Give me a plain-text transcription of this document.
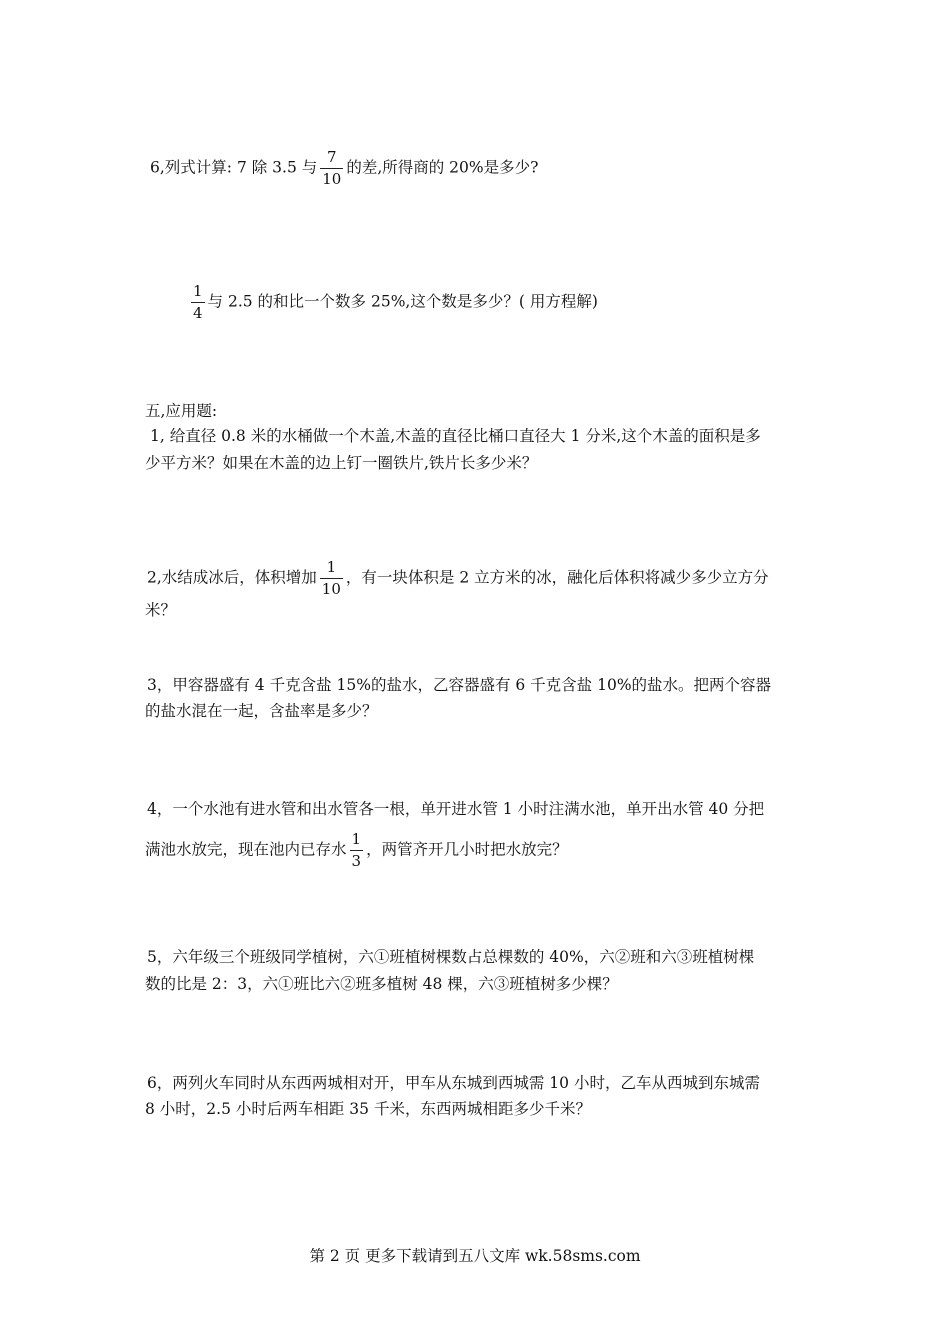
6,列式计算: 7 除 3.5 与 $\frac{7}{10}$ 的差,所得商的 20%是多少?
$\frac{1}{4}$ 与 2.5 的和比一个数多 25%,这个数是多少？( 用方程解)
五,应用题:
1, 给直径 0.8 米的水桶做一个木盖,木盖的直径比桶口直径大 1 分米,这个木盖的面积是多
少平方米？如果在木盖的边上钉一圈铁片,铁片长多少米？
2,水结成冰后，体积增加 $\frac{1}{10}$ ，有一块体积是 2 立方米的冰，融化后体积将减少多少立方分
米？
3，甲容器盛有 4 千克含盐 15%的盐水，乙容器盛有 6 千克含盐 10%的盐水。把两个容器
的盐水混在一起，含盐率是多少？
4，一个水池有进水管和出水管各一根，单开进水管 1 小时注满水池，单开出水管 40 分把
满池水放完，现在池内已存水 $\frac{1}{3}$ ，两管齐开几小时把水放完？
5，六年级三个班级同学植树，六①班植树棵数占总棵数的 40%，六②班和六③班植树棵
数的比是 2：3，六①班比六②班多植树 48 棵，六③班植树多少棵？
6，两列火车同时从东西两城相对开，甲车从东城到西城需 10 小时，乙车从西城到东城需
8 小时，2.5 小时后两车相距 35 千米，东西两城相距多少千米？
第 2 页 更多下载请到五八文库 wk.58sms.com
